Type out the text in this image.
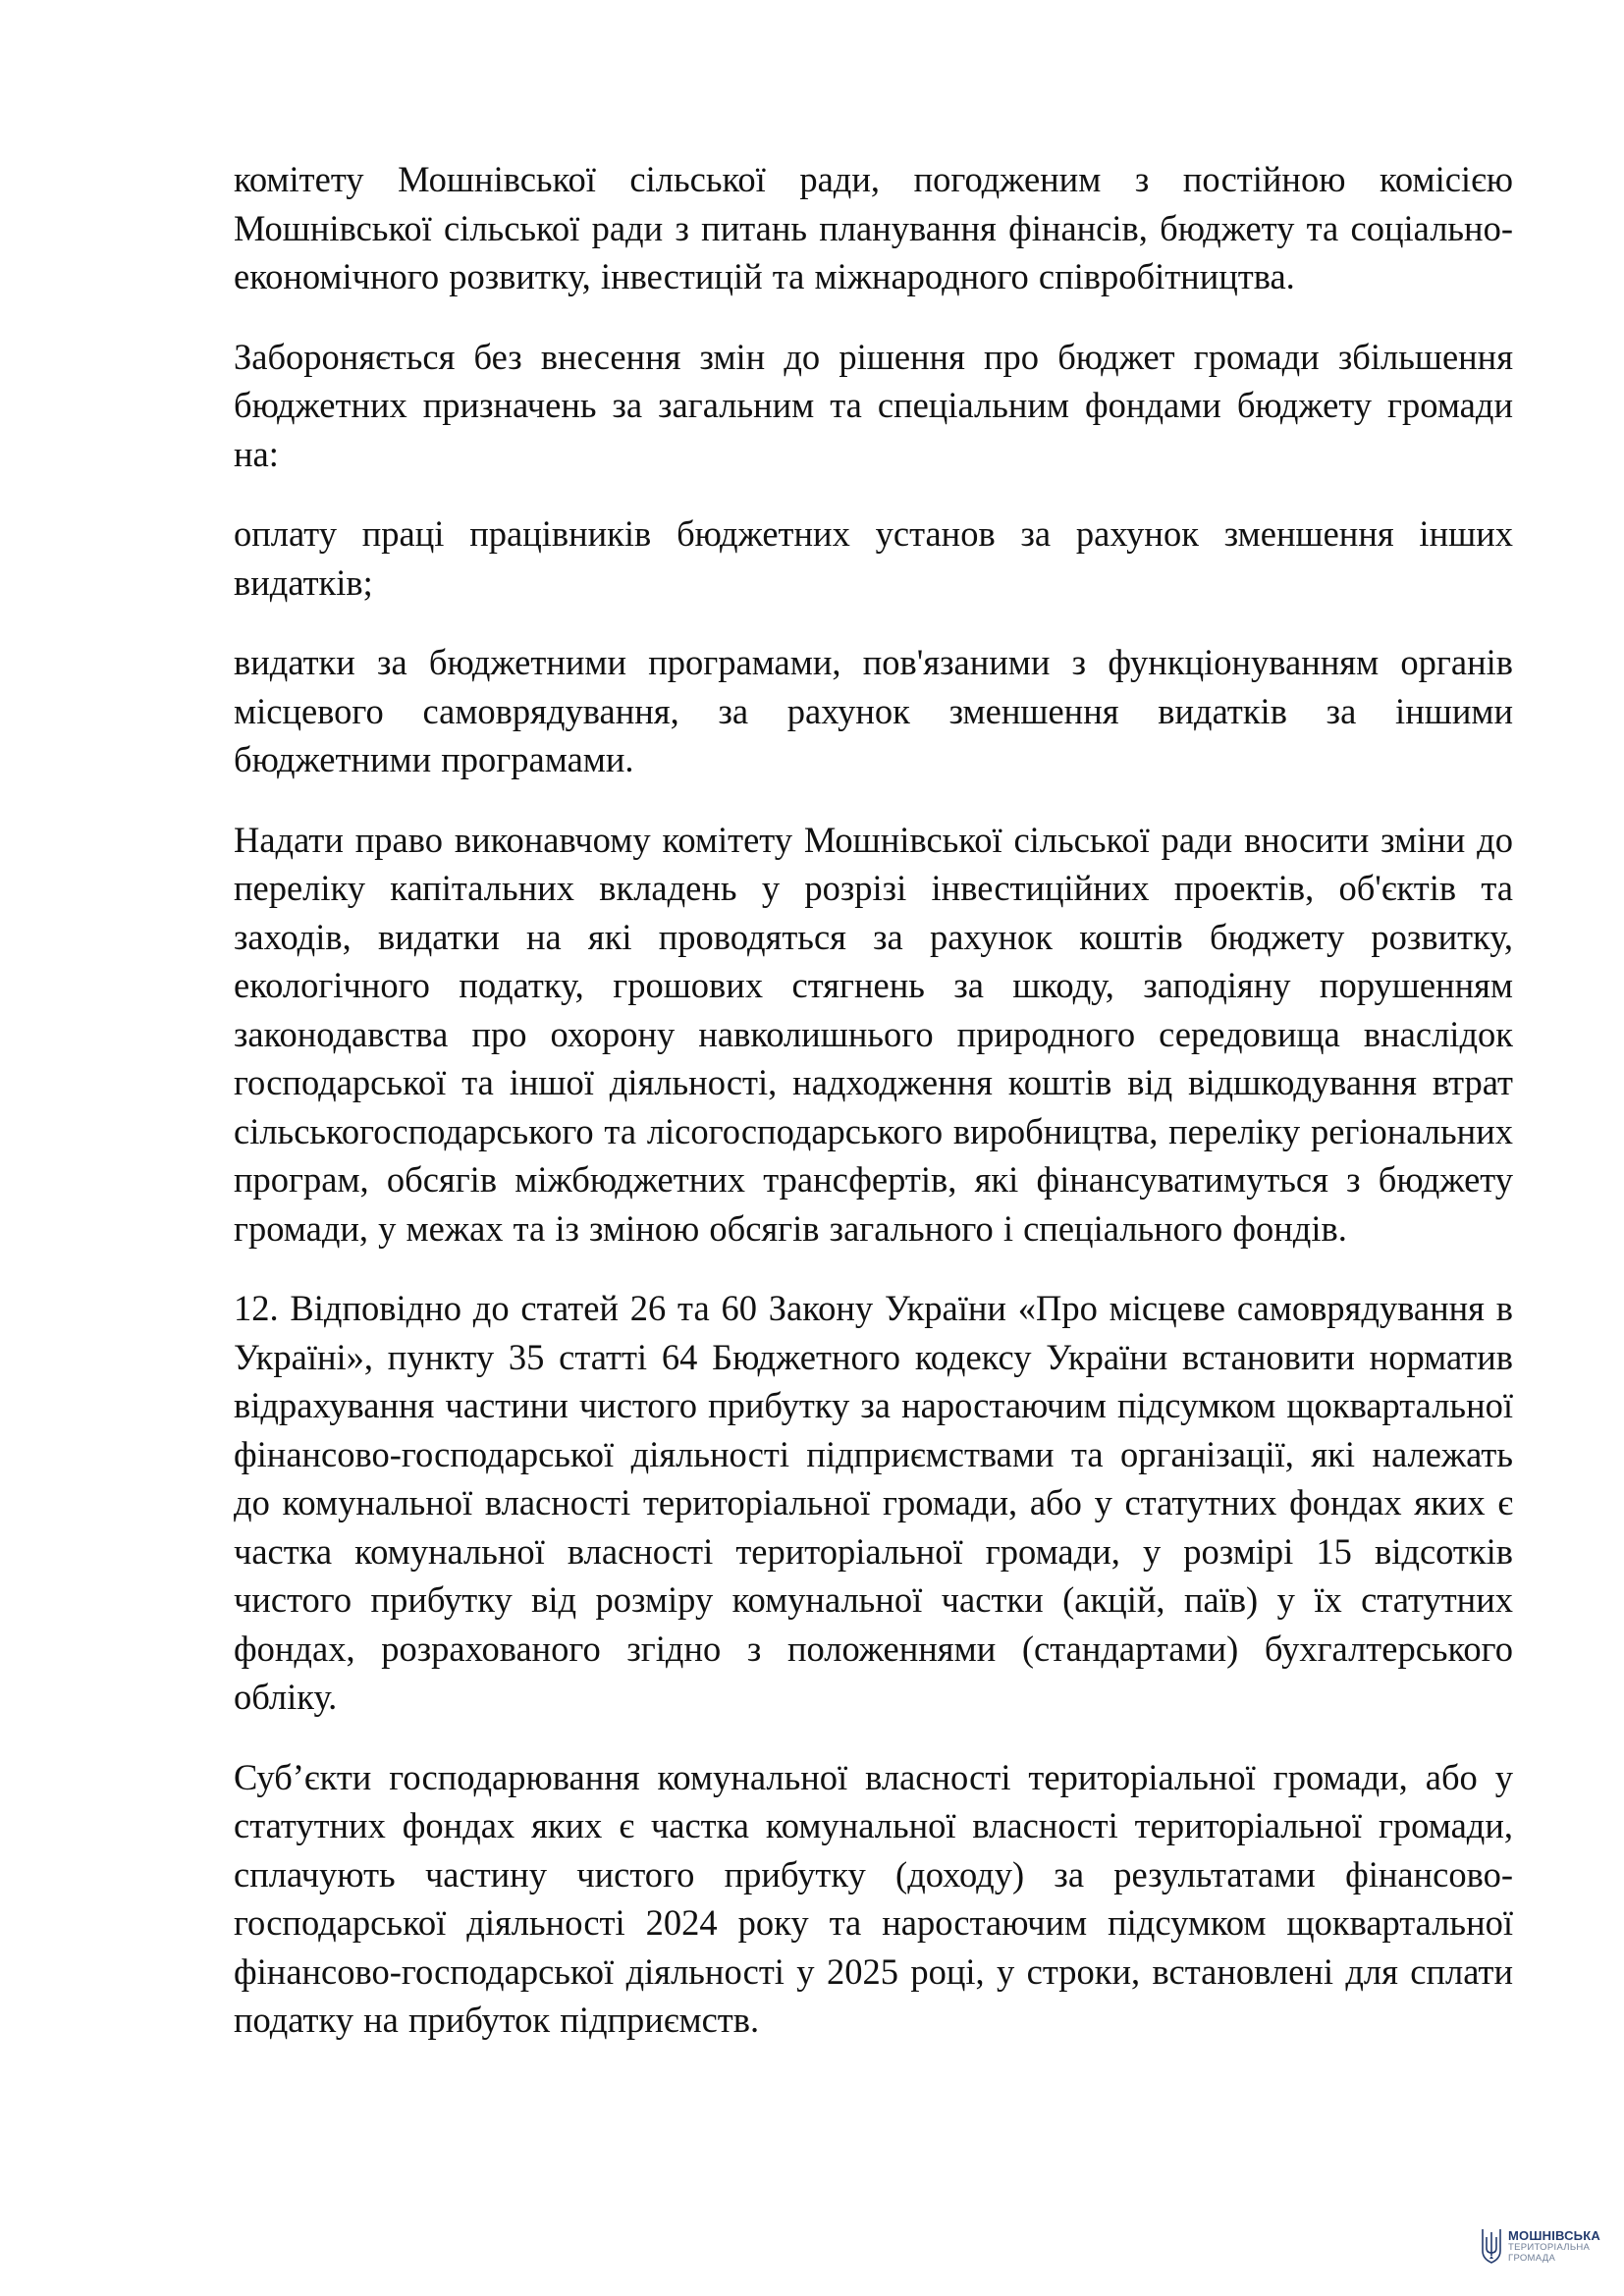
комітету Мошнівської сільської ради, погодженим з постійною комісією Мошнівської сільської ради з питань планування фінансів, бюджету та соціально-економічного розвитку, інвестицій та міжнародного співробітництва.

Забороняється без внесення змін до рішення про бюджет громади збільшення бюджетних призначень за загальним та спеціальним фондами бюджету громади на:

оплату праці працівників бюджетних установ за рахунок зменшення інших видатків;

видатки за бюджетними програмами, пов'язаними з функціонуванням органів місцевого самоврядування, за рахунок зменшення видатків за іншими бюджетними програмами.

Надати право виконавчому комітету Мошнівської сільської ради вносити зміни до переліку капітальних вкладень у розрізі інвестиційних проектів, об'єктів та заходів, видатки на які проводяться за рахунок коштів бюджету розвитку, екологічного податку, грошових стягнень за шкоду, заподіяну порушенням законодавства про охорону навколишнього природного середовища внаслідок господарської та іншої діяльності, надходження коштів від відшкодування втрат сільськогосподарського та лісогосподарського виробництва, переліку регіональних програм, обсягів міжбюджетних трансфертів, які фінансуватимуться з бюджету громади, у межах та із зміною обсягів загального і спеціального фондів.

12. Відповідно до статей 26 та 60 Закону України «Про місцеве самоврядування в Україні», пункту 35 статті 64 Бюджетного кодексу України встановити норматив відрахування частини чистого прибутку за наростаючим підсумком щоквартальної фінансово-господарської діяльності підприємствами та організації, які належать до комунальної власності територіальної громади, або у статутних фондах яких є частка комунальної власності територіальної громади, у розмірі 15 відсотків чистого прибутку від розміру комунальної частки (акцій, паїв) у їх статутних фондах, розрахованого згідно з положеннями (стандартами) бухгалтерського обліку.

Суб’єкти господарювання комунальної власності територіальної громади, або у статутних фондах яких є частка комунальної власності територіальної громади, сплачують частину чистого прибутку (доходу) за результатами фінансово-господарської діяльності 2024 року та наростаючим підсумком щоквартальної фінансово-господарської діяльності у 2025 році, у строки, встановлені для сплати податку на прибуток підприємств.

МОШНІВСЬКА
ТЕРИТОРІАЛЬНА
ГРОМАДА
